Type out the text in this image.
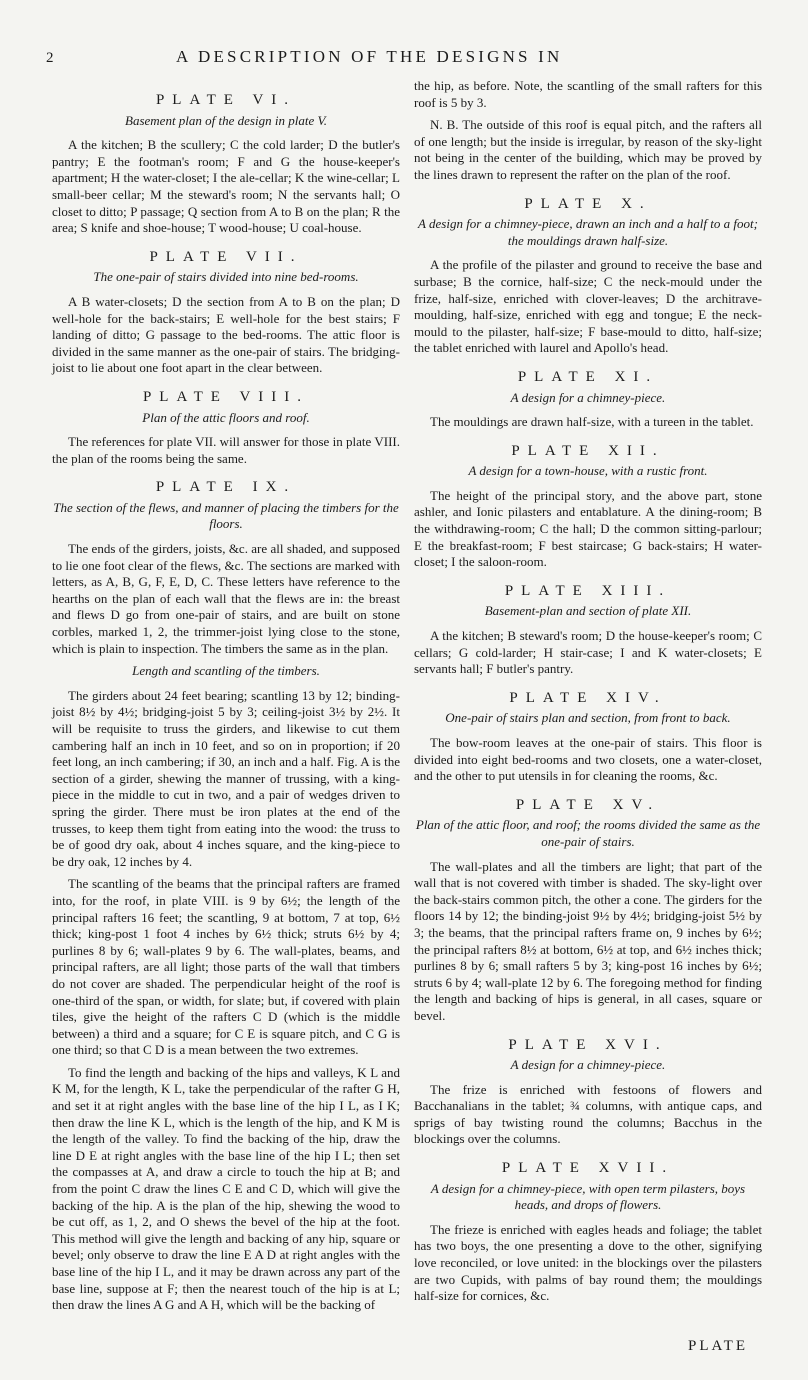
2	A DESCRIPTION OF THE DESIGNS IN
PLATE VI.
Basement plan of the design in plate V.

A the kitchen; B the scullery; C the cold larder; D the butler's pantry; E the footman's room; F and G the house-keeper's apartment; H the water-closet; I the ale-cellar; K the wine-cellar; L small-beer cellar; M the steward's room; N the servants hall; O closet to ditto; P passage; Q section from A to B on the plan; R the area; S knife and shoe-house; T wood-house; U coal-house.

PLATE VII.
The one-pair of stairs divided into nine bed-rooms.

A B water-closets; D the section from A to B on the plan; D well-hole for the back-stairs; E well-hole for the best stairs; F landing of ditto; G passage to the bed-rooms. The attic floor is divided in the same manner as the one-pair of stairs. The bridging-joist to lie about one foot apart in the clear between.

PLATE VIII.
Plan of the attic floors and roof.

The references for plate VII. will answer for those in plate VIII. the plan of the rooms being the same.

PLATE IX.
The section of the flews, and manner of placing the timbers for the floors.

The ends of the girders, joists, &c. are all shaded, and supposed to lie one foot clear of the flews, &c. The sections are marked with letters, as A, B, G, F, E, D, C. These letters have reference to the hearths on the plan of each wall that the flews are in: the breast and flews D go from one-pair of stairs, and are built on stone corbles, marked 1, 2, the trimmer-joist lying close to the stone, which is plain to inspection. The timbers the same as in the plan.

Length and scantling of the timbers.

The girders about 24 feet bearing; scantling 13 by 12; binding-joist 8½ by 4½; bridging-joist 5 by 3; ceiling-joist 3½ by 2½. It will be requisite to truss the girders, and likewise to cut them cambering half an inch in 10 feet, and so on in proportion; if 20 feet long, an inch cambering; if 30, an inch and a half. Fig. A is the section of a girder, shewing the manner of trussing, with a king-piece in the middle to cut in two, and a pair of wedges driven to spring the girder. There must be iron plates at the end of the trusses, to keep them tight from eating into the wood: the truss to be of good dry oak, about 4 inches square, and the king-piece to be dry oak, 12 inches by 4.

The scantling of the beams that the principal rafters are framed into, for the roof, in plate VIII. is 9 by 6½; the length of the principal rafters 16 feet; the scantling, 9 at bottom, 7 at top, 6½ thick; king-post 1 foot 4 inches by 6½ thick; struts 6½ by 4; purlines 8 by 6; wall-plates 9 by 6. The wall-plates, beams, and principal rafters, are all light; those parts of the wall that timbers do not cover are shaded. The perpendicular height of the roof is one-third of the span, or width, for slate; but, if covered with plain tiles, give the height of the rafters C D (which is the middle between) a third and a square; for C E is square pitch, and C G is one third; so that C D is a mean between the two extremes.

To find the length and backing of the hips and valleys, K L and K M, for the length, K L, take the perpendicular of the rafter G H, and set it at right angles with the base line of the hip I L, as I K; then draw the line K L, which is the length of the hip, and K M is the length of the valley. To find the backing of the hip, draw the line D E at right angles with the base line of the hip I L; then set the compasses at A, and draw a circle to touch the hip at B; and from the point C draw the lines C E and C D, which will give the backing of the hip. A is the plan of the hip, shewing the wood to be cut off, as 1, 2, and O shews the bevel of the hip at the foot. This method will give the length and backing of any hip, square or bevel; only observe to draw the line E A D at right angles with the base line of the hip I L, and it may be drawn across any part of the base line, suppose at F; then the nearest touch of the hip is at L; then draw the lines A G and A H, which will be the backing of

the hip, as before. Note, the scantling of the small rafters for this roof is 5 by 3.

N. B. The outside of this roof is equal pitch, and the rafters all of one length; but the inside is irregular, by reason of the sky-light not being in the center of the building, which may be proved by the lines drawn to represent the rafter on the plan of the roof.

PLATE X.
A design for a chimney-piece, drawn an inch and a half to a foot; the mouldings drawn half-size.

A the profile of the pilaster and ground to receive the base and surbase; B the cornice, half-size; C the neck-mould under the frize, half-size, enriched with clover-leaves; D the architrave-moulding, half-size, enriched with egg and tongue; E the neck-mould to the pilaster, half-size; F base-mould to ditto, half-size; the tablet enriched with laurel and Apollo's head.

PLATE XI.
A design for a chimney-piece.

The mouldings are drawn half-size, with a tureen in the tablet.

PLATE XII.
A design for a town-house, with a rustic front.

The height of the principal story, and the above part, stone ashler, and Ionic pilasters and entablature. A the dining-room; B the withdrawing-room; C the hall; D the common sitting-parlour; E the breakfast-room; F best staircase; G back-stairs; H water-closet; I the saloon-room.

PLATE XIII.
Basement-plan and section of plate XII.

A the kitchen; B steward's room; D the house-keeper's room; C cellars; G cold-larder; H stair-case; I and K water-closets; E servants hall; F butler's pantry.

PLATE XIV.
One-pair of stairs plan and section, from front to back.

The bow-room leaves at the one-pair of stairs. This floor is divided into eight bed-rooms and two closets, one a water-closet, and the other to put utensils in for cleaning the rooms, &c.

PLATE XV.
Plan of the attic floor, and roof; the rooms divided the same as the one-pair of stairs.

The wall-plates and all the timbers are light; that part of the wall that is not covered with timber is shaded. The sky-light over the back-stairs common pitch, the other a cone. The girders for the floors 14 by 12; the binding-joist 9½ by 4½; bridging-joist 5½ by 3; the beams, that the principal rafters frame on, 9 inches by 6½; the principal rafters 8½ at bottom, 6½ at top, and 6½ inches thick; purlines 8 by 6; small rafters 5 by 3; king-post 16 inches by 6½; struts 6 by 4; wall-plate 12 by 6. The foregoing method for finding the length and backing of hips is general, in all cases, square or bevel.

PLATE XVI.
A design for a chimney-piece.

The frize is enriched with festoons of flowers and Bacchanalians in the tablet; ¾ columns, with antique caps, and sprigs of bay twisting round the columns; Bacchus in the blockings over the columns.

PLATE XVII.
A design for a chimney-piece, with open term pilasters, boys heads, and drops of flowers.

The frieze is enriched with eagles heads and foliage; the tablet has two boys, the one presenting a dove to the other, signifying love reconciled, or love united: in the blockings over the pilasters are two Cupids, with palms of bay round them; the mouldings half-size for cornices, &c.

PLATE
